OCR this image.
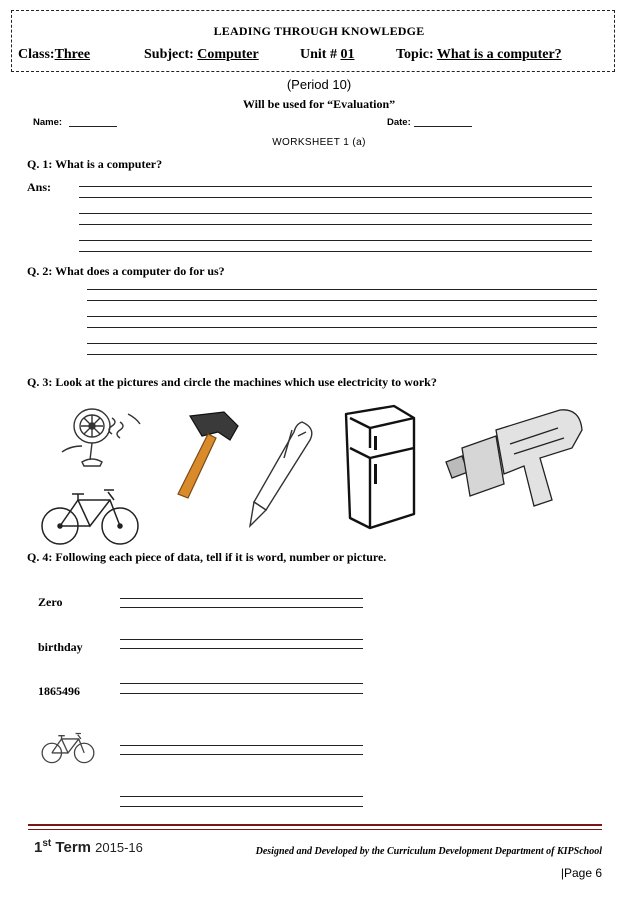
LEADING THROUGH KNOWLEDGE
Class:Three	Subject: Computer	Unit # 01	Topic: What is a computer?
(Period 10)
Will be used for “Evaluation”
Name:	Date:
WORKSHEET 1 (a)
Q. 1: What is a computer?
Ans:
Q. 2: What does a computer do for us?
Q. 3: Look at the pictures and circle the machines which use electricity to work?
Q. 4: Following each piece of data, tell if it is word, number or picture.
Zero
birthday
1865496
1st Term 2015-16	Designed and Developed by the Curriculum Development Department of KIPSchool
|Page 6
